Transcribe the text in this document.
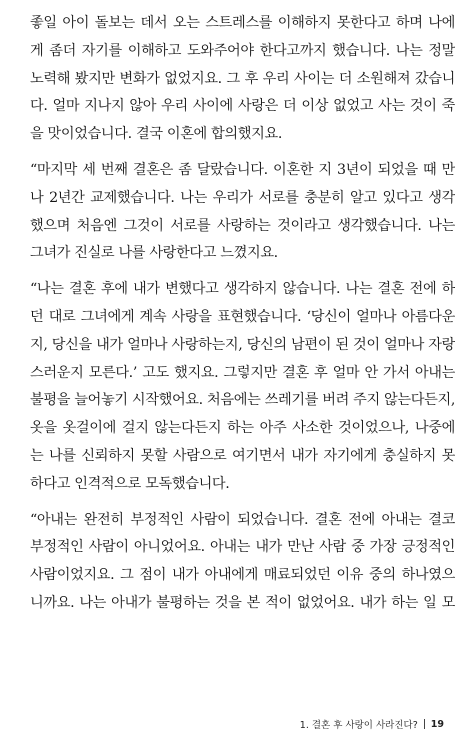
좋일 아이 돌보는 데서 오는 스트레스를 이해하지 못한다고 하며 나에
게 좀더 자기를 이해하고 도와주어야 한다고까지 했습니다. 나는 정말
노력해 봤지만 변화가 없었지요. 그 후 우리 사이는 더 소원해져 갔습니
다. 얼마 지나지 않아 우리 사이에 사랑은 더 이상 없었고 사는 것이 죽
을 맛이었습니다. 결국 이혼에 합의했지요.
“마지막 세 번째 결혼은 좀 달랐습니다. 이혼한 지 3년이 되었을 때 만
나 2년간 교제했습니다. 나는 우리가 서로를 충분히 알고 있다고 생각
했으며 처음엔 그것이 서로를 사랑하는 것이라고 생각했습니다. 나는
그녀가 진실로 나를 사랑한다고 느꼈지요.
“나는 결혼 후에 내가 변했다고 생각하지 않습니다. 나는 결혼 전에 하
던 대로 그녀에게 계속 사랑을 표현했습니다. ‘당신이 얼마나 아름다운
지, 당신을 내가 얼마나 사랑하는지, 당신의 남편이 된 것이 얼마나 자랑
스러운지 모른다.’ 고도 했지요. 그렇지만 결혼 후 얼마 안 가서 아내는
불평을 늘어놓기 시작했어요. 처음에는 쓰레기를 버려 주지 않는다든지,
옷을 옷걸이에 걸지 않는다든지 하는 아주 사소한 것이었으나, 나중에
는 나를 신뢰하지 못할 사람으로 여기면서 내가 자기에게 충실하지 못
하다고 인격적으로 모독했습니다.
“아내는 완전히 부정적인 사람이 되었습니다. 결혼 전에 아내는 결코
부정적인 사람이 아니었어요. 아내는 내가 만난 사람 중 가장 긍정적인
사람이었지요. 그 점이 내가 아내에게 매료되었던 이유 중의 하나였으
니까요. 나는 아내가 불평하는 것을 본 적이 없었어요. 내가 하는 일 모
1. 결혼 후 사랑이 사라진다? 19
